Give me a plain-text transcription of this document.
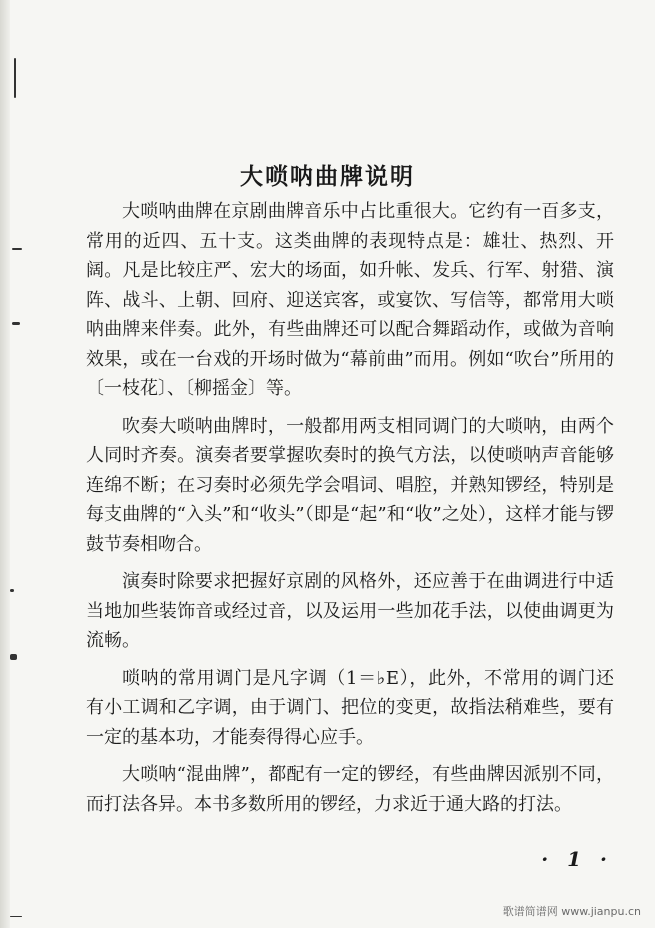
大唢呐曲牌说明

大唢呐曲牌在京剧曲牌音乐中占比重很大。它约有一百多支，常用的近四、五十支。这类曲牌的表现特点是：雄壮、热烈、开阔。凡是比较庄严、宏大的场面，如升帐、发兵、行军、射猎、演阵、战斗、上朝、回府、迎送宾客，或宴饮、写信等，都常用大唢呐曲牌来伴奏。此外，有些曲牌还可以配合舞蹈动作，或做为音响效果，或在一台戏的开场时做为“幕前曲”而用。例如“吹台”所用的〔一枝花〕、〔柳摇金〕等。

吹奏大唢呐曲牌时，一般都用两支相同调门的大唢呐，由两个人同时齐奏。演奏者要掌握吹奏时的换气方法，以使唢呐声音能够连绵不断；在习奏时必须先学会唱词、唱腔，并熟知锣经，特别是每支曲牌的“入头”和“收头”（即是“起”和“收”之处），这样才能与锣鼓节奏相吻合。

演奏时除要求把握好京剧的风格外，还应善于在曲调进行中适当地加些装饰音或经过音，以及运用一些加花手法，以使曲调更为流畅。

唢呐的常用调门是凡字调（1＝♭E），此外，不常用的调门还有小工调和乙字调，由于调门、把位的变更，故指法稍难些，要有一定的基本功，才能奏得得心应手。

大唢呐“混曲牌”，都配有一定的锣经，有些曲牌因派别不同，而打法各异。本书多数所用的锣经，力求近于通大路的打法。

· 1 ·
歌谱简谱网 www.jianpu.cn
